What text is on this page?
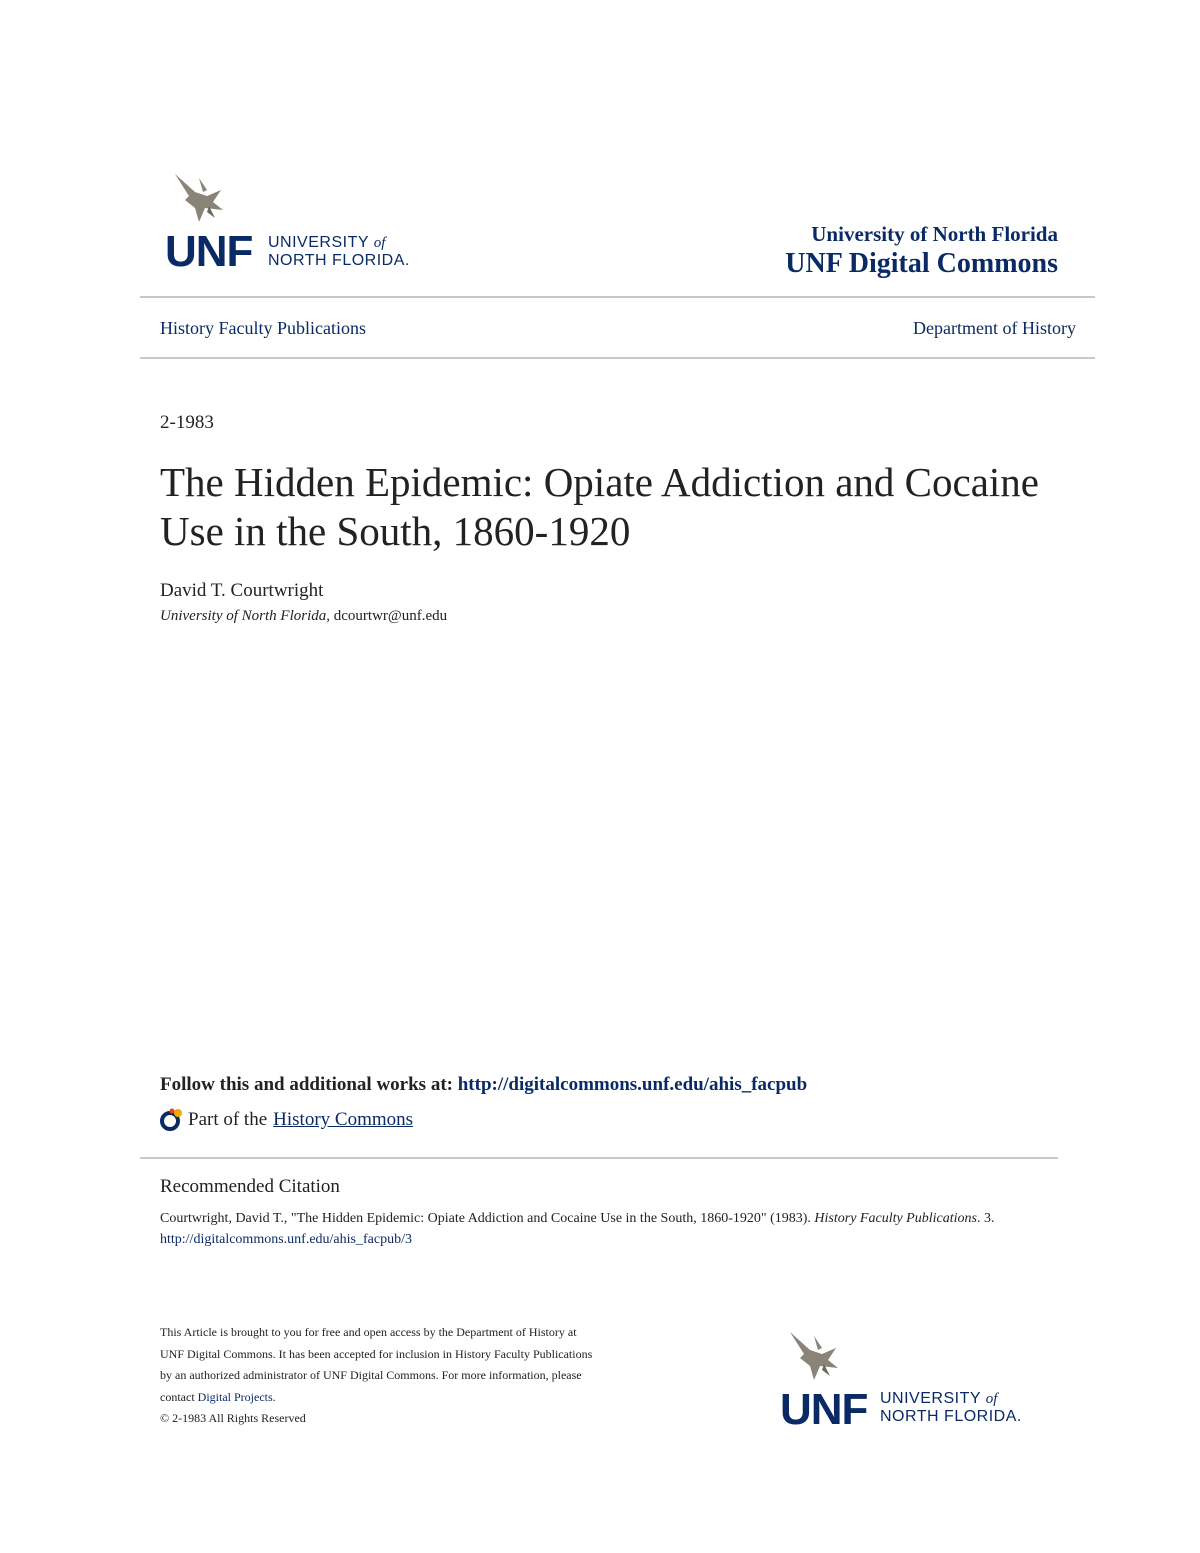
UNF UNIVERSITY of
NORTH FLORIDA.
University of North Florida
UNF Digital Commons
History Faculty Publications	Department of History
2-1983
The Hidden Epidemic: Opiate Addiction and Cocaine Use in the South, 1860-1920
David T. Courtwright
University of North Florida, dcourtwr@unf.edu
Follow this and additional works at: http://digitalcommons.unf.edu/ahis_facpub
Part of the History Commons
Recommended Citation
Courtwright, David T., "The Hidden Epidemic: Opiate Addiction and Cocaine Use in the South, 1860-1920" (1983). History Faculty Publications. 3.
http://digitalcommons.unf.edu/ahis_facpub/3
This Article is brought to you for free and open access by the Department of History at UNF Digital Commons. It has been accepted for inclusion in History Faculty Publications by an authorized administrator of UNF Digital Commons. For more information, please contact Digital Projects.
© 2-1983 All Rights Reserved	UNF UNIVERSITY of
NORTH FLORIDA.
